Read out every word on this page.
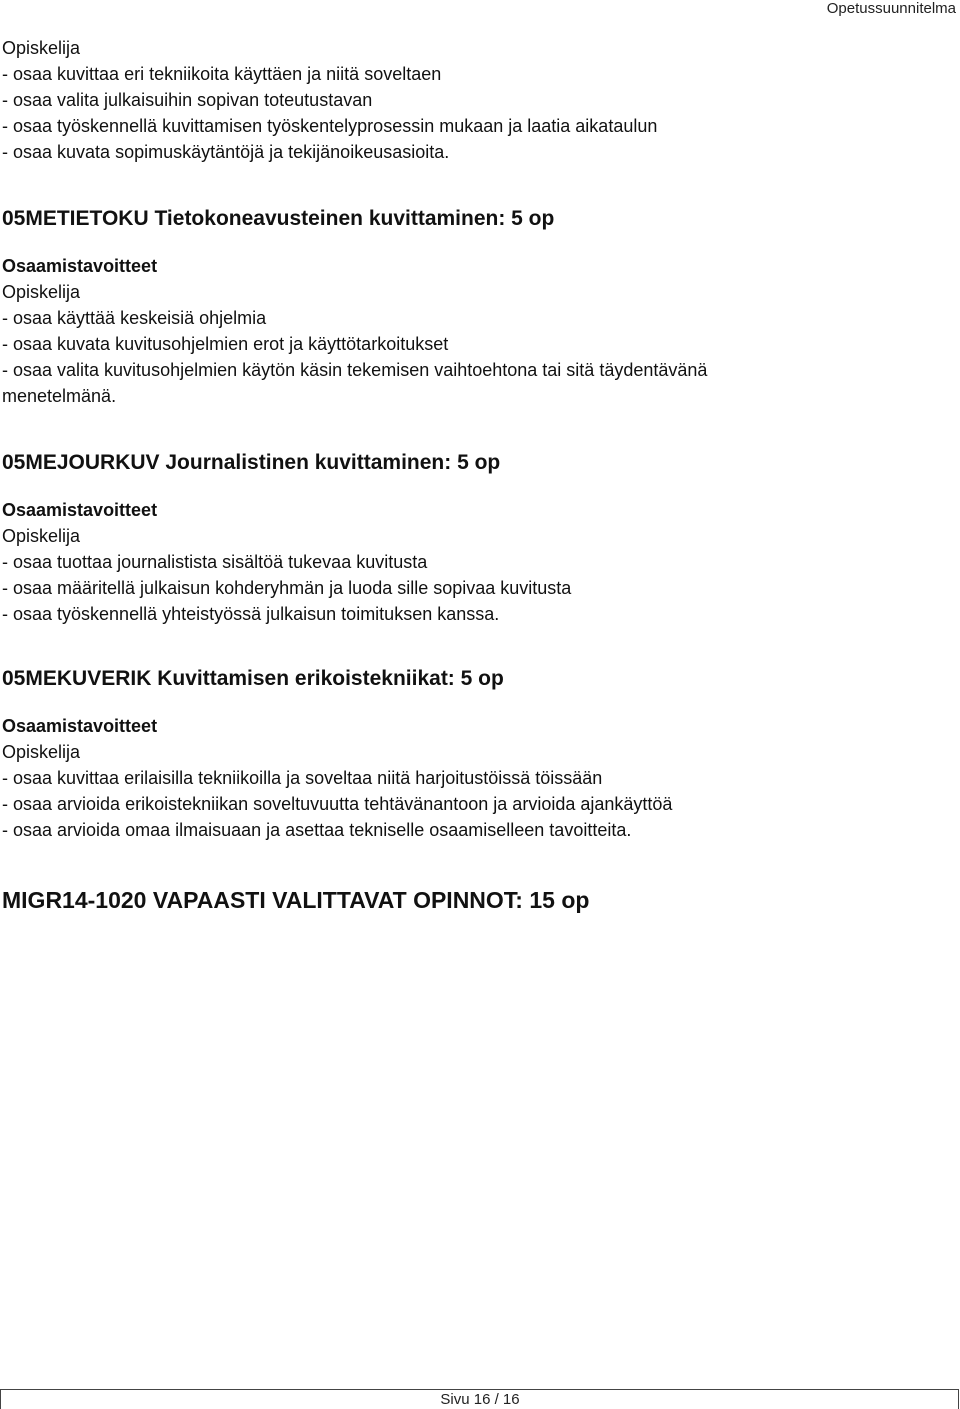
Opetussuunnitelma

Opiskelija

- osaa kuvittaa eri tekniikoita käyttäen ja niitä soveltaen

- osaa valita julkaisuihin sopivan toteutustavan

- osaa työskennellä kuvittamisen työskentelyprosessin mukaan ja laatia aikataulun

- osaa kuvata sopimuskäytäntöjä ja tekijänoikeusasioita.

05METIETOKU Tietokoneavusteinen kuvittaminen: 5 op

Osaamistavoitteet

Opiskelija

- osaa käyttää keskeisiä ohjelmia

- osaa kuvata kuvitusohjelmien erot ja käyttötarkoitukset

- osaa valita kuvitusohjelmien käytön käsin tekemisen vaihtoehtona tai sitä täydentävänä

menetelmänä.

05MEJOURKUV Journalistinen kuvittaminen: 5 op

Osaamistavoitteet

Opiskelija

- osaa tuottaa journalistista sisältöä tukevaa kuvitusta

- osaa määritellä julkaisun kohderyhmän ja luoda sille sopivaa kuvitusta

- osaa työskennellä yhteistyössä julkaisun toimituksen kanssa.

05MEKUVERIK Kuvittamisen erikoistekniikat: 5 op

Osaamistavoitteet

Opiskelija

- osaa kuvittaa erilaisilla tekniikoilla ja soveltaa niitä harjoitustöissä töissään

- osaa arvioida erikoistekniikan soveltuvuutta tehtävänantoon ja arvioida ajankäyttöä

- osaa arvioida omaa ilmaisuaan ja asettaa tekniselle osaamiselleen tavoitteita.

MIGR14-1020 VAPAASTI VALITTAVAT OPINNOT: 15 op
Sivu 16 / 16
